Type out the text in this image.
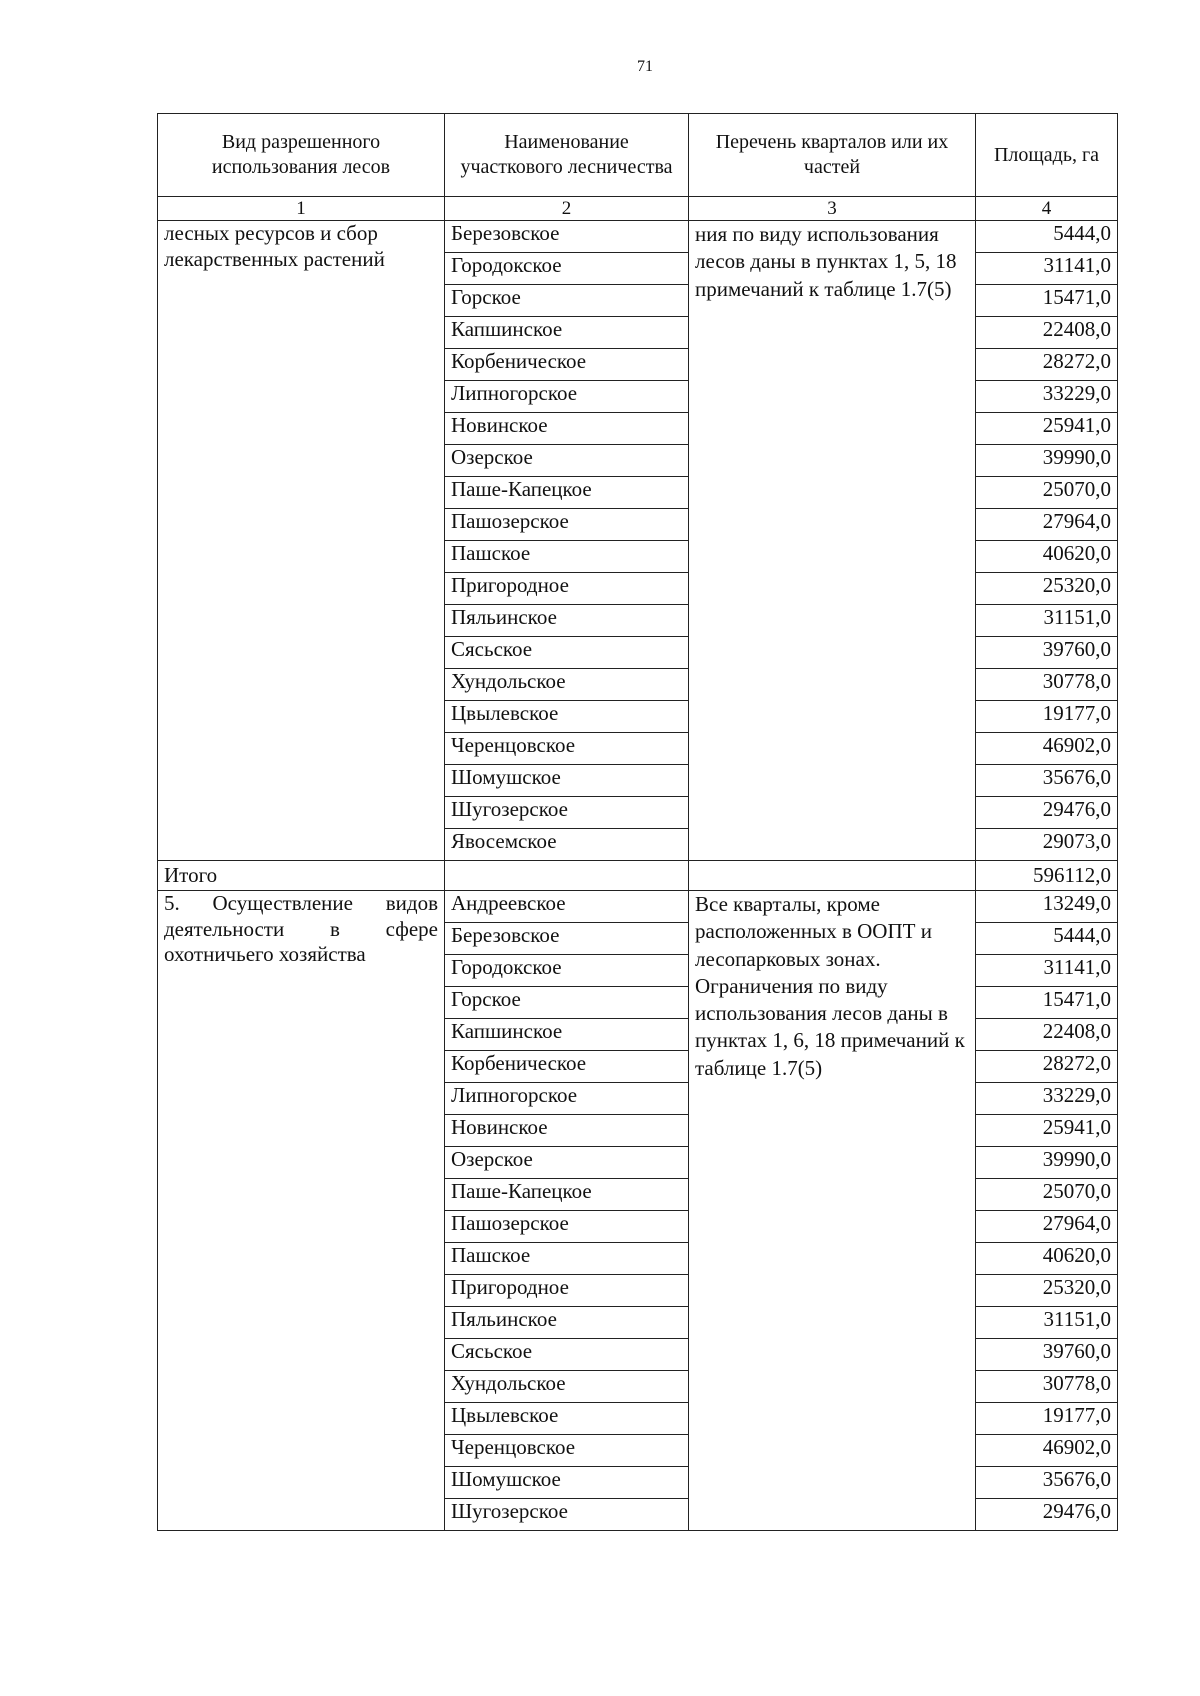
71
Вид разрешенного использования лесов	Наименование участкового лесничества	Перечень кварталов или их частей	Площадь, га
1	2	3	4
лесных ресурсов и сбор лекарственных растений	Березовское	ния по виду использования лесов даны в пунктах 1, 5, 18 примечаний к таблице 1.7(5)	5444,0
	Городокское		31141,0
	Горское		15471,0
	Капшинское		22408,0
	Корбеническое		28272,0
	Липногорское		33229,0
	Новинское		25941,0
	Озерское		39990,0
	Паше-Капецкое		25070,0
	Пашозерское		27964,0
	Пашское		40620,0
	Пригородное		25320,0
	Пяльинское		31151,0
	Сясьское		39760,0
	Хундольское		30778,0
	Цвылевское		19177,0
	Черенцовское		46902,0
	Шомушское		35676,0
	Шугозерское		29476,0
	Явосемское		29073,0
Итого			596112,0
5. Осуществление видов деятельности в сфере охотничьего хозяйства	Андреевское	Все кварталы, кроме расположенных в ООПТ и лесопарковых зонах. Ограничения по виду использования лесов даны в пунктах 1, 6, 18 примечаний к таблице 1.7(5)	13249,0
	Березовское		5444,0
	Городокское		31141,0
	Горское		15471,0
	Капшинское		22408,0
	Корбеническое		28272,0
	Липногорское		33229,0
	Новинское		25941,0
	Озерское		39990,0
	Паше-Капецкое		25070,0
	Пашозерское		27964,0
	Пашское		40620,0
	Пригородное		25320,0
	Пяльинское		31151,0
	Сясьское		39760,0
	Хундольское		30778,0
	Цвылевское		19177,0
	Черенцовское		46902,0
	Шомушское		35676,0
	Шугозерское		29476,0
